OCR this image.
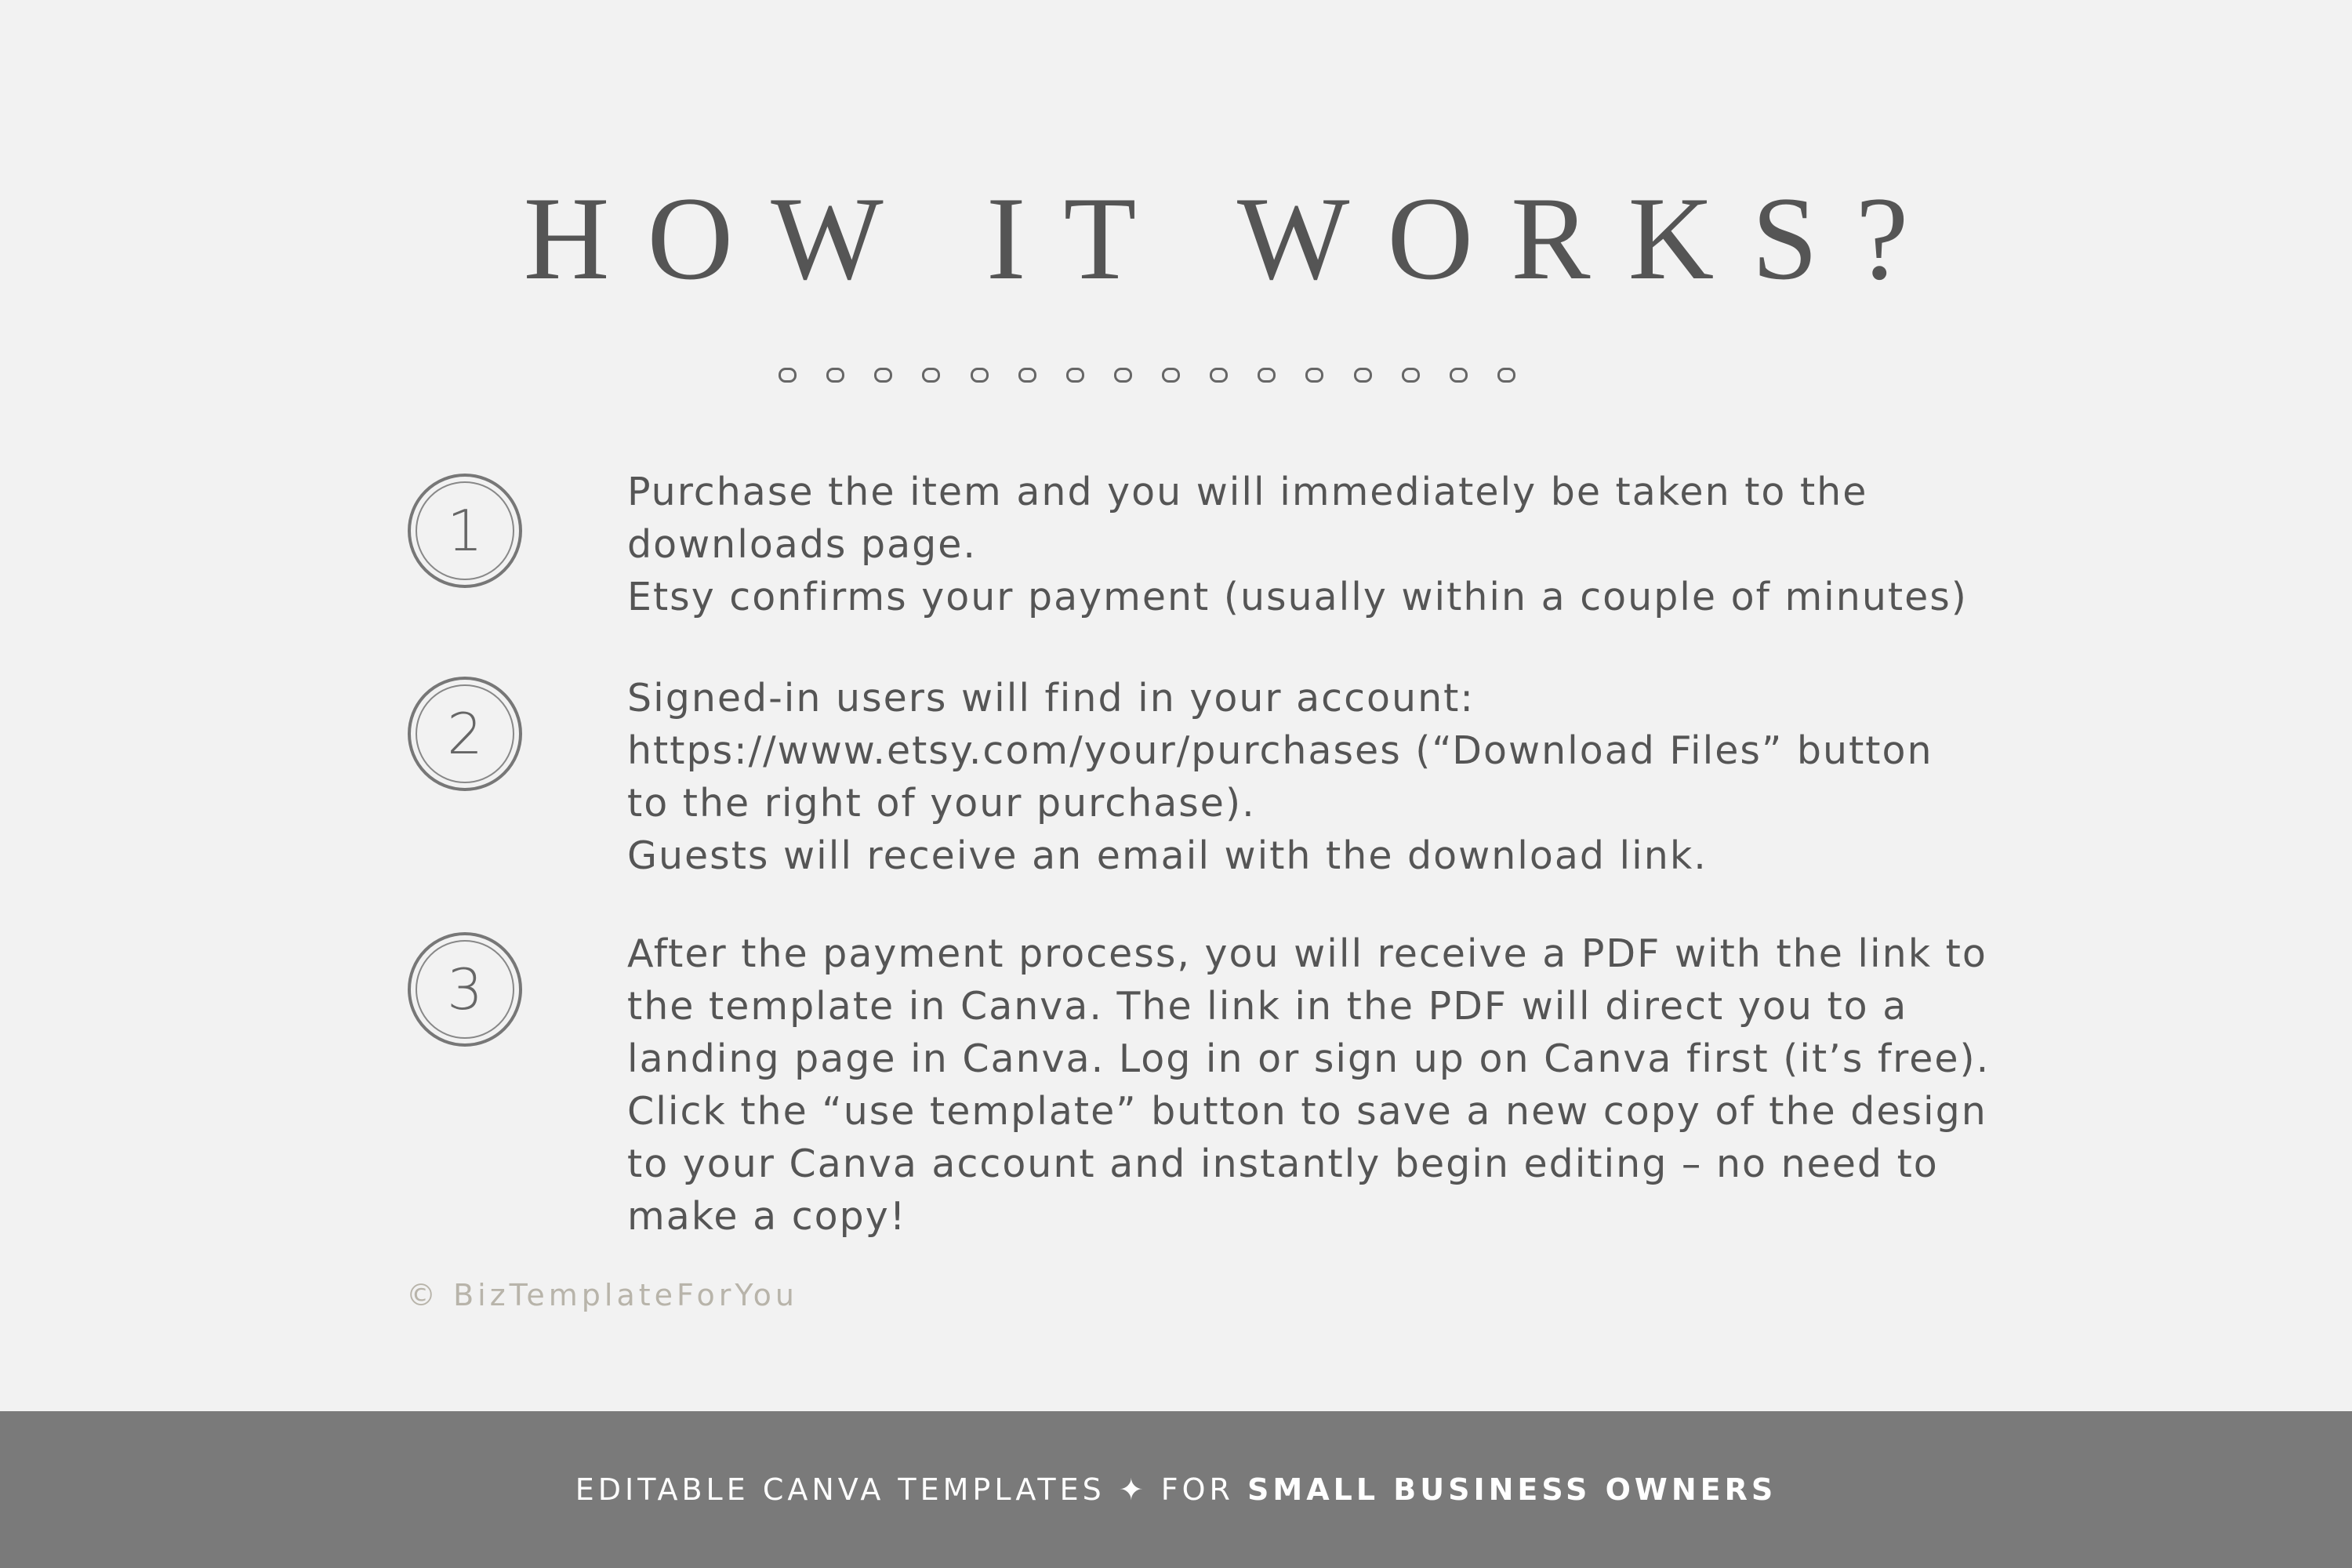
HOW IT WORKS?
1

Purchase the item and you will immediately be taken to the
downloads page.
Etsy confirms your payment (usually within a couple of minutes)

2

Signed-in users will find in your account:
https://www.etsy.com/your/purchases (“Download Files” button
to the right of your purchase).
Guests will receive an email with the download link.

3

After the payment process, you will receive a PDF with the link to
the template in Canva. The link in the PDF will direct you to a
landing page in Canva. Log in or sign up on Canva first (it’s free).
Click the “use template” button to save a new copy of the design
to your Canva account and instantly begin editing – no need to
make a copy!

© BizTemplateForYou
EDITABLE CANVA TEMPLATES ✦ FOR SMALL BUSINESS OWNERS
